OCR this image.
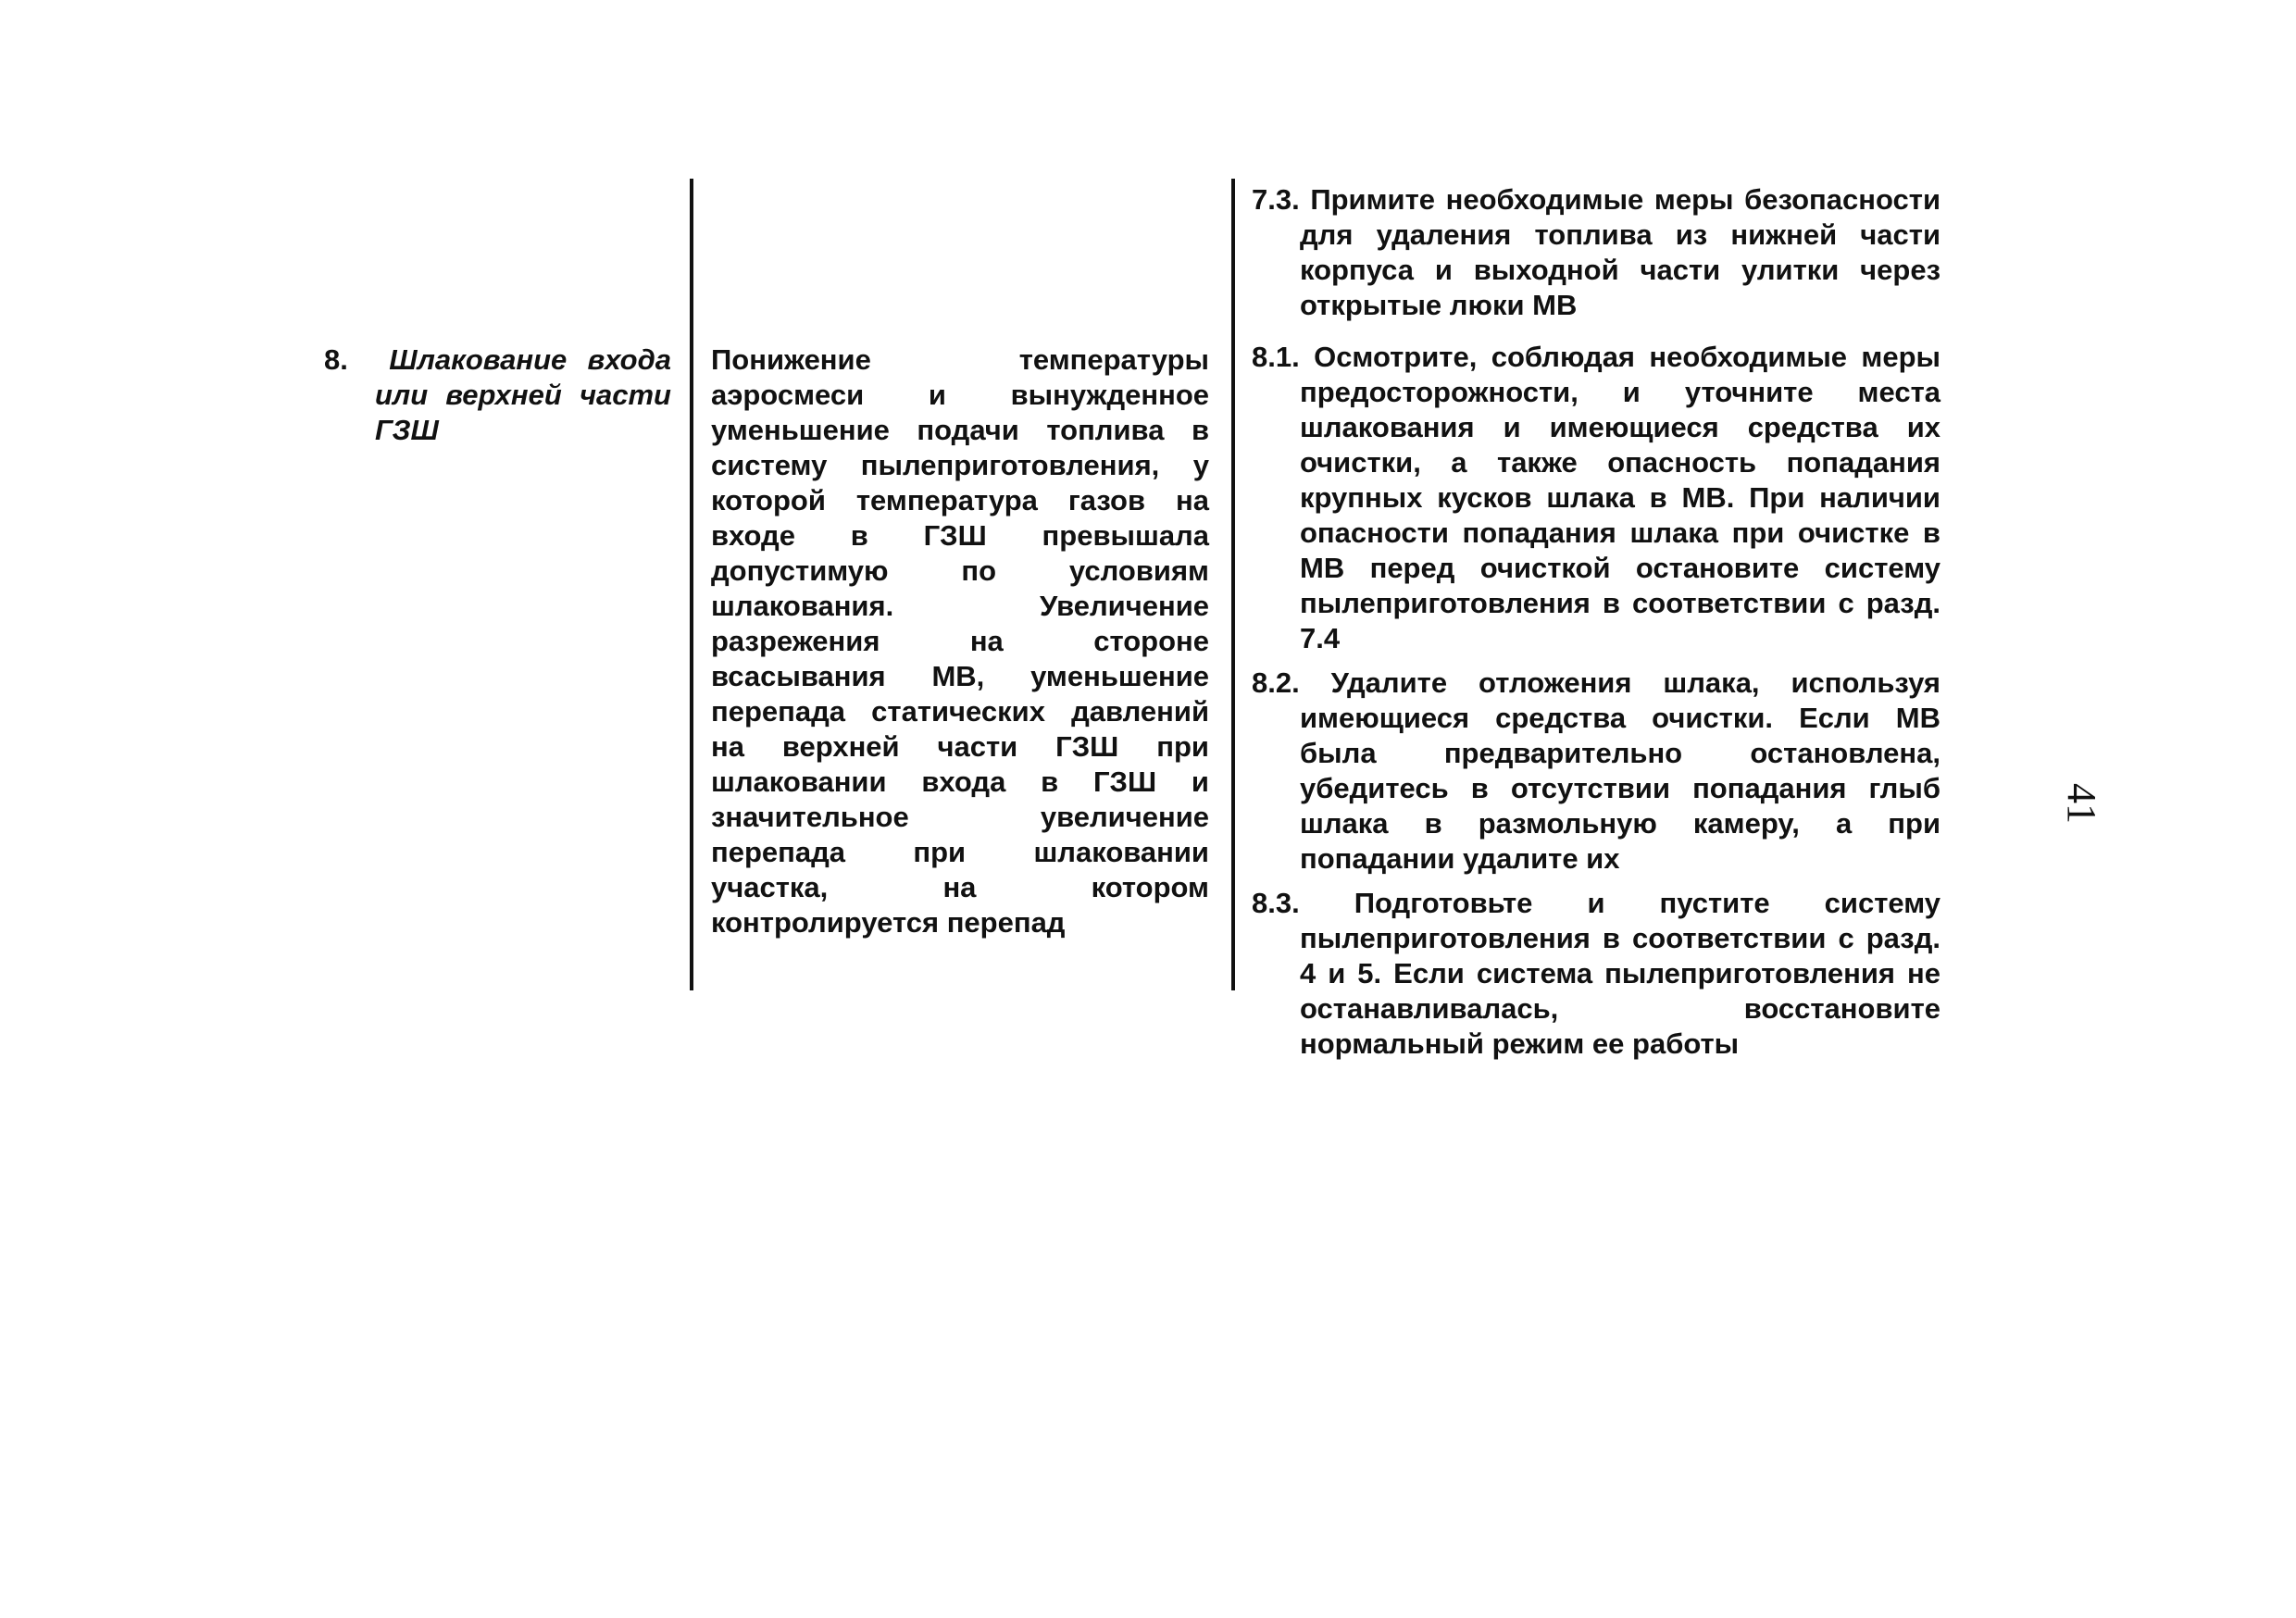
8. Шлакование входа или верхней части ГЗШ
Понижение температуры аэросмеси и вынужденное уменьшение подачи топлива в систему пылеприготовления, у которой температура газов на входе в ГЗШ превышала допустимую по условиям шлакования. Увеличение разрежения на стороне всасывания МВ, уменьшение перепада статических давлений на верхней части ГЗШ при шлаковании входа в ГЗШ и значительное увеличение перепада при шлаковании участка, на котором контролируется перепад
7.3. Примите необходимые меры безопасности для удаления топлива из нижней части корпуса и выходной части улитки через открытые люки МВ
8.1. Осмотрите, соблюдая необходимые меры предосторожности, и уточните места шлакования и имеющиеся средства их очистки, а также опасность попадания крупных кусков шлака в МВ. При наличии опасности попадания шлака при очистке в МВ перед очисткой остановите систему пылеприготовления в соответствии с разд. 7.4
8.2. Удалите отложения шлака, используя имеющиеся средства очистки. Если МВ была предварительно остановлена, убедитесь в отсутствии попадания глыб шлака в размольную камеру, а при попадании удалите их
8.3. Подготовьте и пустите систему пылеприготовления в соответствии с разд. 4 и 5. Если система пылеприготовления не останавливалась, восстановите нормальный режим ее работы
41
